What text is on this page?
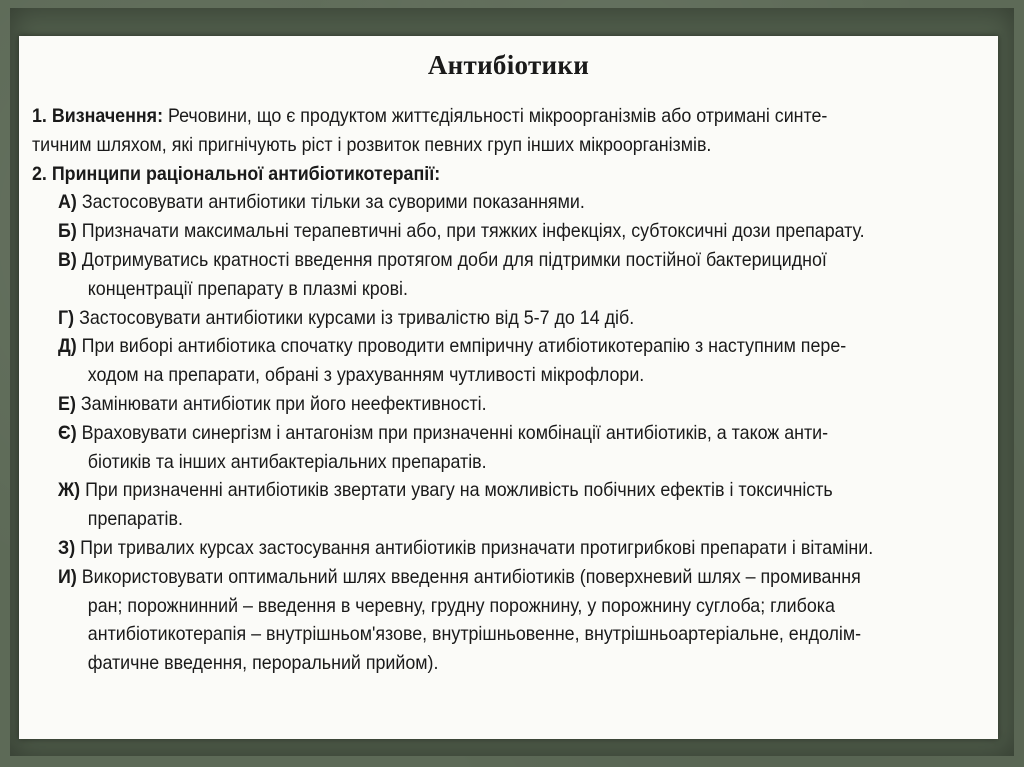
Антибіотики
1. Визначення: Речовини, що є продуктом життєдіяльності мікроорганізмів або отримані синте-
тичним шляхом, які пригнічують ріст і розвиток певних груп інших мікроорганізмів.
2. Принципи раціональної антибіотикотерапії:
А) Застосовувати антибіотики тільки за суворими показаннями.
Б) Призначати максимальні терапевтичні або, при тяжких інфекціях, субтоксичні дози препарату.
В) Дотримуватись кратності введення протягом доби для підтримки постійної бактерицидної
концентрації препарату в плазмі крові.
Г) Застосовувати антибіотики курсами із тривалістю від 5-7 до 14 діб.
Д) При виборі антибіотика спочатку проводити емпіричну атибіотикотерапію з наступним пере-
ходом на препарати, обрані з урахуванням чутливості мікрофлори.
Е) Замінювати антибіотик при його неефективності.
Є) Враховувати синергізм і антагонізм при призначенні комбінації антибіотиків, а також анти-
біотиків та інших антибактеріальних препаратів.
Ж) При призначенні антибіотиків звертати увагу на можливість побічних ефектів і токсичність
препаратів.
З) При тривалих курсах застосування антибіотиків призначати протигрибкові препарати і вітаміни.
И) Використовувати оптимальний шлях введення антибіотиків (поверхневий шлях – промивання
ран; порожнинний – введення в черевну, грудну порожнину, у порожнину суглоба; глибока
антибіотикотерапія – внутрішньом'язове, внутрішньовенне, внутрішньоартеріальне, ендолім-
фатичне введення, пероральний прийом).
